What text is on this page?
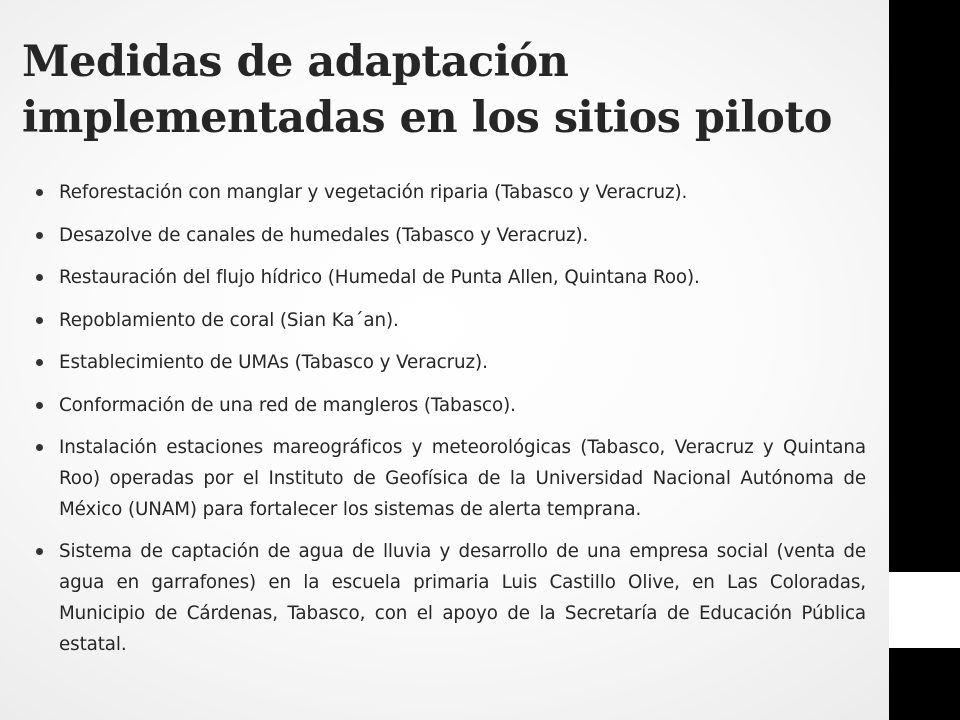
Medidas de adaptación
implementadas en los sitios piloto
Reforestación con manglar y vegetación riparia (Tabasco y Veracruz).
Desazolve de canales de humedales (Tabasco y Veracruz).
Restauración del flujo hídrico (Humedal de Punta Allen, Quintana Roo).
Repoblamiento de coral (Sian Ka´an).
Establecimiento de UMAs (Tabasco y Veracruz).
Conformación de una red de mangleros (Tabasco).
Instalación estaciones mareográficos y meteorológicas (Tabasco, Veracruz y Quintana Roo) operadas por el Instituto de Geofísica de la Universidad Nacional Autónoma de México (UNAM) para fortalecer los sistemas de alerta temprana.
Sistema de captación de agua de lluvia y desarrollo de una empresa social (venta de agua en garrafones) en la escuela primaria Luis Castillo Olive, en Las Coloradas, Municipio de Cárdenas, Tabasco, con el apoyo de la Secretaría de Educación Pública estatal.
